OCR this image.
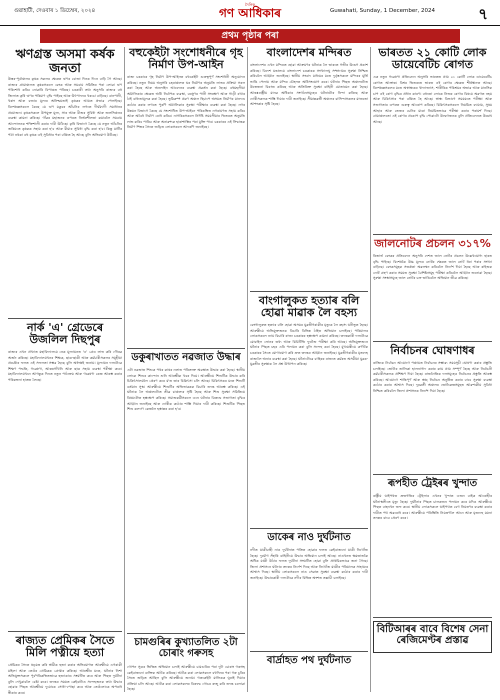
গুৱাহাটী, দেওবাৰ ১ ডিচেম্বৰ, ২০২৪
দৈনিক
গণ আধিকাৰ	Guwahati, Sunday, 1 December, 2024	৭
প্ৰথম পৃষ্ঠাৰ পৰা
ঋণগ্ৰস্ত অসমা কৰ্ষক জনতা
উত্তৰ-পূৰ্বাঞ্চলৰ কৃষক সকলৰ ক্ষেত্ৰত ঋণৰ বোজা দিনক দিনে বাঢ়ি গৈ আছে। ৰাজ্যৰ গ্ৰামাঞ্চলত কৃষকসকলে বেংক আৰু সমবায় সমিতিৰ পৰা লোৱা ঋণ পৰিশোধ কৰিব নোৱাৰি বিপাঙত পৰিছে। চৰকাৰী তথ্য অনুসৰি ৰাজ্যৰ বহু জিলাত কৃষি ঋণৰ পৰিমাণ বৃদ্ধি পাইছে আৰু উৎপাদনৰ খৰচো বাঢ়িছে। বানপানী, খৰাং আৰু বজাৰ মূল্যৰ অনিশ্চয়তাই কৃষকৰ আয়ত প্ৰভাৱ পেলাইছে। বিশেষজ্ঞসকলে কৈছে যে ঋণ মকুবৰ আঁচনিৰ লগতে দীৰ্ঘম্যাদী সমাধানৰ প্ৰয়োজন। কৃষকসকলে উপযুক্ত মূল্য, সাৰ আৰু বীজৰ সুবিধা আৰু জলসিঞ্চনৰ ব্যৱস্থা কামনা কৰিছে। গাঁৱৰ মহাজনৰ ওপৰত নিৰ্ভৰশীলতা কমাবলৈ সমবায় আন্দোলনক শক্তিশালী কৰাৰ দাবী উঠিছে। কৃষি বিভাগে কৈছে যে নতুন আঁচনিৰ জৰিয়তে কৃষকক সহায় কৰা হ'ব আৰু বীমাৰ সুবিধা বৃদ্ধি কৰা হ'ব। কিন্তু মাটিৰ পট্টা নথকা বহু কৃষক এই সুবিধাৰ পৰা বঞ্চিত হৈ আছে বুলি অভিযোগ উঠিছে।
নাৰ্ক 'এ' গ্ৰেডেৰে উজলিল দিছপুৰ
ৰাজ্যৰ এখন প্ৰখ্যাত মহাবিদ্যালয়ে নেক মূল্যায়নত 'এ' গ্ৰেড লাভ কৰি গৌৰৱ অৰ্জন কৰিছে। মহাবিদ্যালয়খনৰ শিক্ষক, ছাত্ৰ-ছাত্ৰী আৰু কৰ্মচাৰীসকলৰ সমূহীয়া প্ৰচেষ্টাৰ ফলত এই সফলতা সম্ভৱ হৈছে বুলি অধ্যক্ষই জনায়। মূল্যায়ন দলটোৱে শিক্ষণ পদ্ধতি, গৱেষণা, আন্তঃগাঁথনি আৰু ছাত্ৰ সহায় ব্যৱস্থা পৰীক্ষা কৰে। মহাবিদ্যালয়খনে আগন্তুক দিনত নতুন পাঠ্যক্ৰম আৰু গৱেষণা কেন্দ্ৰ আৰম্ভ কৰাৰ পৰিকল্পনা হাতত লৈছে।
ৰাজ্যত প্ৰেমিকৰ সৈতে মিলি পত্নীয়ে হত্যা
প্ৰেমিকৰ সৈতে ষড়যন্ত্ৰ কৰি স্বামীক হত্যা কৰাৰ অভিযোগত আৰক্ষীয়ে এগৰাকী মহিলা আৰু তেওঁৰ প্ৰেমিকক গ্ৰেপ্তাৰ কৰিছে। আৰক্ষীৰ মতে, ঘটনাৰ নিশা অভিযুক্তসকলে পূৰ্বপৰিকল্পিতভাৱে হত্যাকাণ্ড সংঘটিত কৰে আৰু পিছত দুৰ্ঘটনা বুলি দেখুৱাবলৈ চেষ্টা কৰে। তদন্তৰ সময়ত কেইবাটাও সন্দেহজনক তথ্য উদ্ধাৰ হোৱাৰ পিছত আৰক্ষীয়ে দুয়োকে সোধা-পোছা কৰে আৰু তেওঁলোকে অপৰাধ স্বীকাৰ কৰে।
বহুকেইটা সংশোধনীৰে গৃহ নিৰ্মাণ উপ-আইন
ৰাজ্য চৰকাৰে গৃহ নিৰ্মাণ উপ-আইনত বহুকেইটা গুৰুত্বপূৰ্ণ সংশোধনী অনুমোদন কৰিছে। নতুন নিয়ম অনুসৰি চহৰাঞ্চলত ঘৰ নিৰ্মাণৰ অনুমতি লাভৰ প্ৰক্ৰিয়া সৰল কৰা হৈছে আৰু অনলাইন আবেদনৰ ব্যৱস্থা প্ৰৱৰ্তন কৰা হৈছে। বহুমহলীয়া অট্টালিকাৰ ক্ষেত্ৰত অগ্নি নিৰ্বাপক ব্যৱস্থা, বৰষুণৰ পানী সংৰক্ষণ আৰু গাড়ী ৰখাৰ ঠাই বাধ্যতামূলক কৰা হৈছে। ভূমিকম্প প্ৰৱণ অঞ্চল হিচাপে অসমত নিৰ্মাণৰ মানদণ্ড কঠোৰ কৰাৰ লগতে পুৰণি অট্টালিকাৰ সুৰক্ষা পৰীক্ষাৰ ব্যৱস্থা কৰা হৈছে। নগৰ উন্নয়ন বিভাগে কৈছে যে সংশোধিত উপ-আইনে পৰিকল্পিত নগৰায়ণত সহায় কৰিব আৰু অবৈধ নিৰ্মাণ ৰোধ কৰিব। নাগৰিকসকলে নিৰ্দিষ্ট সময়সীমাৰ ভিতৰত অনুমতি লাভ কৰিব পাৰিব আৰু অনাৱশ্যক হাৰাশাস্তিৰ পৰা মুক্তি পাব। চৰকাৰৰ এই সিদ্ধান্তক নিৰ্মাণ শিল্পৰ সৈতে জড়িত লোকসকলে আদৰণি জনাইছে।
ডকুৰাখাতত নৱজাত উদ্ধাৰ
এটা নৱজাত শিশুক পথৰ কাষৰ নলাত পৰিত্যক্ত অৱস্থাত উদ্ধাৰ কৰা হৈছে। স্থানীয় লোকে শিশুৰ কান্দোন শুনি আৰক্ষীক খবৰ দিয়ে। আৰক্ষীয়ে শিশুটিক উদ্ধাৰ কৰি চিকিৎসালয়লৈ প্ৰেৰণ কৰে য'ত তাৰ চিকিৎসা চলি আছে। চিকিৎসকৰ মতে শিশুটি বৰ্তমান সুস্থ। আৰক্ষীয়ে শিশুটিৰ অভিভাৱকক বিচাৰি তদন্ত আৰম্ভ কৰিছে। এই ঘটনাক লৈ অঞ্চলটোত তীব্ৰ চাঞ্চল্যৰ সৃষ্টি হৈছে আৰু শিশু সুৰক্ষা সমিতিয়ে বিষয়টোত হস্তক্ষেপ কৰিছে। সমাজকৰ্মীসকলে এনে ঘটনাৰ বিৰুদ্ধে সজাগতা বৃদ্ধিৰ আহ্বান জনাইছে আৰু দোষীক কঠোৰ শাস্তি দিয়াৰ দাবী কৰিছে। শিশুটিক পিছত শিশু কল্যাণ কেন্দ্ৰলৈ হস্তান্তৰ কৰা হ'ব।
চামগুৰিৰ কুখ্যাতলিত ২টা চোৰাং গৰুসহ
গোপন সূত্ৰৰ ভিত্তিত অভিযান চলাই আৰক্ষীয়ে চামগুৰিৰ পৰা দুটা চোৰাং গৰুসহ কেইবাজনো ব্যক্তিক আটক কৰিছে। আটক কৰা লোকসকলে বহুদিনৰ পৰা গৰু চুৰিৰ সৈতে জড়িত আছিল বুলি আৰক্ষীয়ে জনায়। গৰুকেইটা মালিকক ঘূৰাই দিয়াৰ প্ৰক্ৰিয়া চলি আছে। আটক কৰা লোকসকলৰ বিৰুদ্ধে গোচৰ ৰুজু কৰি তদন্ত চলোৱা হৈছে।
বাংলাদেশৰ মন্দিৰত
বাংলাদেশৰ এখন মন্দিৰত হোৱা আক্ৰমণৰ ঘটনাক লৈ ভাৰতে গভীৰ উদ্বেগ প্ৰকাশ কৰিছে। বিদেশ মন্ত্ৰালয়ে বাংলাদেশ চৰকাৰক সংখ্যালঘু সম্প্ৰদায়ৰ সুৰক্ষা নিশ্চিত কৰিবলৈ আহ্বান জনাইছে। স্থানীয় সংবাদ মাধ্যমৰ মতে দুৰ্বৃত্তসকলে মন্দিৰৰ মূৰ্তি ভাঙি পেলায় আৰু মন্দিৰ চৌহদত অগ্নিসংযোগ কৰে। ঘটনাৰ পিছত অঞ্চলটোত উত্তেজনা বিৰাজ কৰিছে আৰু অতিৰিক্ত সুৰক্ষা বাহিনী মোতায়েন কৰা হৈছে। আন্তঃৰাষ্ট্ৰীয় মানৱ অধিকাৰ সংগঠনসমূহেও ঘটনাটোৰ নিন্দা কৰিছে আৰু দোষীসকলক শাস্তি দিয়াৰ দাবী জনাইছে। সীমান্তৱৰ্তী অঞ্চলৰ বাসিন্দাসকলৰ মাজতো আশংকাৰ সৃষ্টি হৈছে।
বাংগালুকত হত্যাৰ বলি হোৱা মাৱাক লৈ বহস্য
বেংগালুৰুত হত্যাৰ বলি হোৱা অসমৰ যুৱতীগৰাকীৰ মৃত্যুক লৈ ৰহস্য ঘনীভূত হৈছে। আৰক্ষীয়ে অভিযুক্তজনক বিচাৰি বিভিন্ন ঠাইত অভিযান চলাইছে। পৰিয়ালৰ লোকসকলে ন্যায় বিচাৰি ৰাজ্য চৰকাৰৰ হস্তক্ষেপ কামনা কৰিছে। তদন্তকাৰী দলটোৱে মোবাইল ফোনৰ তথ্য আৰু চিচিটিভি ফুটেজ পৰীক্ষা কৰি আছে। অভিযুক্তজনে ঘটনাৰ পিছত চহৰ এৰি পলায়ন কৰা বুলি সন্দেহ কৰা হৈছে। মুখ্যমন্ত্ৰীয়ে কৰ্ণাটক চৰকাৰৰ সৈতে যোগাযোগ কৰি দ্ৰুত তদন্তৰ আহ্বান জনাইছে। যুৱতীগৰাকীৰ মৃতদেহ ৰাজ্যলৈ অনাৰ ব্যৱস্থা কৰা হৈছে। ঘটনাটোৱে বাহিৰৰ ৰাজ্যত কৰ্মৰত অসমীয়া যুৱক-যুৱতীৰ সুৰক্ষাক লৈ প্ৰশ্ন উত্থাপন কৰিছে।
ডাকেৰ নাও দুৰ্ঘটনাত
নদীত যাত্ৰীবাহী নাও দুৰ্ঘটনাত পতিত হোৱাৰ ফলত কেইবাজনো যাত্ৰী নিখোঁজ হৈছে। দুৰ্যোগ সঁহাৰি বাহিনীয়ে উদ্ধাৰ অভিযান চলাই আছে। নাওখনত ক্ষমতাতকৈ অধিক যাত্ৰী উঠাৰ ফলত দুৰ্ঘটনা সংঘটিত হোৱা বুলি প্ৰাথমিকভাৱে জনা গৈছে। জিলা প্ৰশাসনে ঘটনাৰ তদন্তৰ নিৰ্দেশ দিছে আৰু নিখোঁজ যাত্ৰীৰ পৰিয়ালক সাহায্যৰ আশ্বাস দিছে। স্থানীয় লোকসকলে নাও সেৱাত সুৰক্ষা ব্যৱস্থা কঠোৰ কৰাৰ দাবী জনাইছে। উদ্ধাৰকাৰী দলটোৱে নদীৰ বিভিন্ন অংশত তল্লাচী চলাইছে।
বাৰ্দ্ৰাহত পথ দুৰ্ঘটনাত
ভাৰতত ২১ কোটি লোক ডায়েবেটিচ ৰোগত
এক নতুন গৱেষণা প্ৰতিবেদন অনুসৰি ভাৰতত প্ৰায় ২১ কোটি লোক ডায়েবেটিচ ৰোগত আক্ৰান্ত। বিশ্বৰ ভিতৰতে ভাৰত এই ৰোগৰ ক্ষেত্ৰত শীৰ্ষস্থানত আছে। বিশেষজ্ঞসকলৰ মতে অস্বাস্থ্যকৰ খাদ্যাভ্যাস, শাৰীৰিক পৰিশ্ৰমৰ অভাৱ আৰু মানসিক চাপ এই ৰোগ বৃদ্ধিৰ প্ৰধান কাৰণ। বহুতো লোকে নিজৰ ৰোগৰ বিষয়ে অৱগত নহয় আৰু চিকিৎসাৰ পৰা বঞ্চিত হৈ আছে। স্বাস্থ্য বিভাগে সময়মতে পৰীক্ষা আৰু সজাগতাৰ ওপৰত গুৰুত্ব আৰোপ কৰিছে। চিকিৎসকসকলে নিয়মিত ব্যায়াম, সুষম আহাৰ আৰু তেজৰ চেনিৰ মাত্ৰা নিয়মিতভাৱে পৰীক্ষা কৰাৰ পৰামৰ্শ দিছে। গ্ৰামাঞ্চলতো এই ৰোগৰ প্ৰকোপ বৃদ্ধি পোৱাটো উদ্বেগজনক বুলি প্ৰতিবেদনত উল্লেখ আছে।
জালনোটৰ প্ৰচলন ৩১৭%
ৰিজাৰ্ভ বেংকৰ প্ৰতিবেদন অনুসৰি দেশত জাল নোটৰ প্ৰচলন উল্লেখযোগ্য হাৰত বৃদ্ধি পাইছে। বিশেষকৈ উচ্চ মূল্যৰ নোটৰ ক্ষেত্ৰত জাল নোট ধৰা পৰাৰ সংখ্যা বাঢ়িছে। বেংকসমূহক সতৰ্কতা অৱলম্বন কৰিবলৈ নিৰ্দেশ দিয়া হৈছে আৰু ৰাইজক নোট গ্ৰহণ কৰাৰ সময়ত সুৰক্ষা বৈশিষ্ট্যসমূহ পৰীক্ষা কৰিবলৈ আহ্বান জনোৱা হৈছে। সুৰক্ষা সংস্থাসমূহে জাল নোটৰ চক্ৰ ভাঙিবলৈ অভিযান তীব্ৰ কৰিছে।
নিৰ্বাচনৰ ঘোষণাধৰ
ৰাজ্যিক নিৰ্বাচন আয়োগে পঞ্চায়ত নিৰ্বাচনৰ সম্ভাৱ্য সময়সূচী ঘোষণা কৰাৰ প্ৰস্তুতি চলাইছে। ভোটাৰ তালিকা হালনাগাদ কৰাৰ কাম প্ৰায় সম্পূৰ্ণ হৈছে আৰু নিৰ্বাচনী কৰ্মচাৰীসকলক প্ৰশিক্ষণ দিয়া হৈছে। ৰাজনৈতিক দলসমূহেও নিৰ্বাচনৰ প্ৰস্তুতি আৰম্ভ কৰিছে। আয়োগে শান্তিপূৰ্ণ আৰু স্বচ্ছ নিৰ্বাচন অনুষ্ঠিত কৰাৰ বাবে সুৰক্ষা ব্যৱস্থা কঠোৰ কৰাৰ আশ্বাস দিছে। দূৰৱৰ্তী অঞ্চলৰ ভোটকেন্দ্ৰসমূহত আৱশ্যকীয় সুবিধা নিশ্চিত কৰিবলৈ জিলা প্ৰশাসনক নিৰ্দেশ দিয়া হৈছে।
ৰূপহীত ট্ৰেইৰৰ খুন্দাত
ৰাষ্ট্ৰীয় ঘাইপথত দ্ৰুতগতিৰ ট্ৰেইলাৰ এখনৰ খুন্দাত এজন বাইক আৰোহীৰ ঘটনাস্থলীতে মৃত্যু হৈছে। দুৰ্ঘটনাৰ পিছত চালকজন পলায়ন কৰে যদিও আৰক্ষীয়ে পিছত বাহনখন জব্দ কৰে। স্থানীয় লোকসকলে ঘাইপথত বেগ নিয়ন্ত্ৰণৰ ব্যৱস্থা কৰাৰ দাবীত পথ অৱৰোধ কৰে। আৰক্ষীয়ে পৰিস্থিতি নিয়ন্ত্ৰণলৈ আনে আৰু মৃতদেহ ময়না তদন্তৰ বাবে প্ৰেৰণ কৰে।
বিটিআৰৰ বাবে বিশেষ সেনা ৰেজিমেণ্টৰ প্ৰস্তাৱ
